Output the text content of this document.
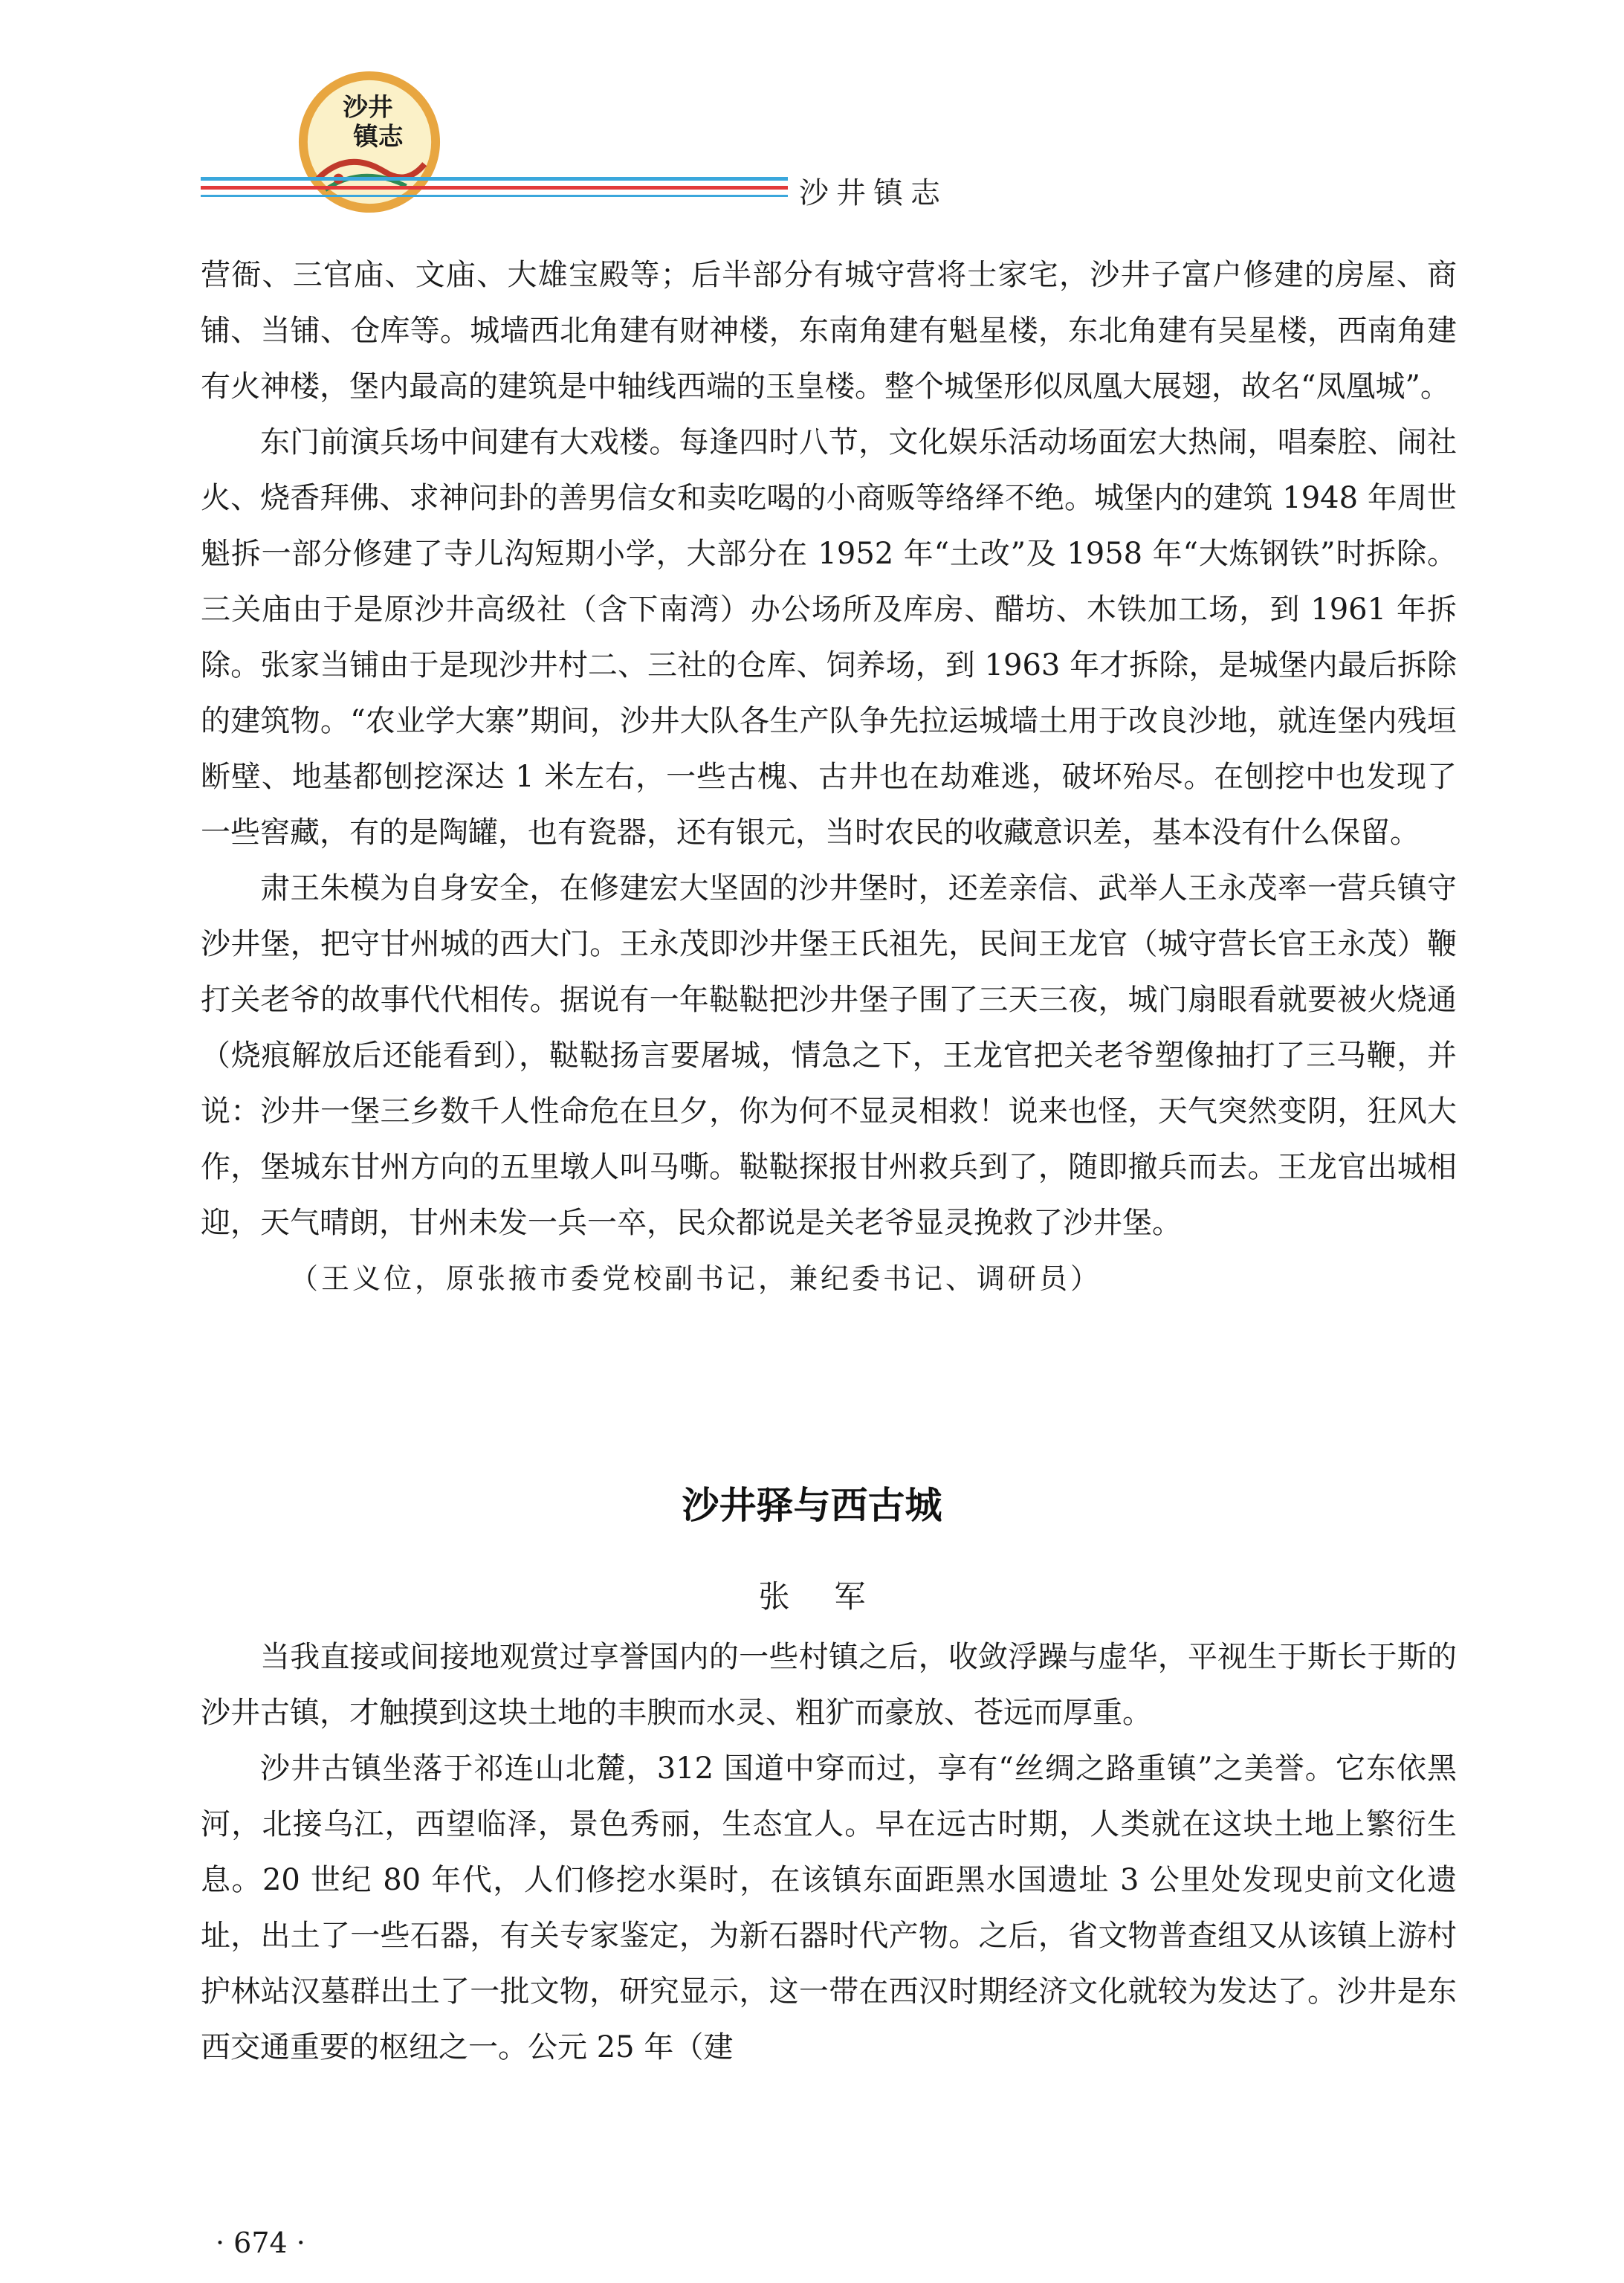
沙井
镇志
沙井镇志

营衙、三官庙、文庙、大雄宝殿等；后半部分有城守营将士家宅，沙井子富户修建的房屋、商铺、当铺、仓库等。城墙西北角建有财神楼，东南角建有魁星楼，东北角建有吴星楼，西南角建有火神楼，堡内最高的建筑是中轴线西端的玉皇楼。整个城堡形似凤凰大展翅，故名“凤凰城”。

东门前演兵场中间建有大戏楼。每逢四时八节，文化娱乐活动场面宏大热闹，唱秦腔、闹社火、烧香拜佛、求神问卦的善男信女和卖吃喝的小商贩等络绎不绝。城堡内的建筑 1948 年周世魁拆一部分修建了寺儿沟短期小学，大部分在 1952 年“土改”及 1958 年“大炼钢铁”时拆除。三关庙由于是原沙井高级社（含下南湾）办公场所及库房、醋坊、木铁加工场，到 1961 年拆除。张家当铺由于是现沙井村二、三社的仓库、饲养场，到 1963 年才拆除，是城堡内最后拆除的建筑物。“农业学大寨”期间，沙井大队各生产队争先拉运城墙土用于改良沙地，就连堡内残垣断壁、地基都刨挖深达 1 米左右，一些古槐、古井也在劫难逃，破坏殆尽。在刨挖中也发现了一些窖藏，有的是陶罐，也有瓷器，还有银元，当时农民的收藏意识差，基本没有什么保留。

肃王朱模为自身安全，在修建宏大坚固的沙井堡时，还差亲信、武举人王永茂率一营兵镇守沙井堡，把守甘州城的西大门。王永茂即沙井堡王氏祖先，民间王龙官（城守营长官王永茂）鞭打关老爷的故事代代相传。据说有一年鞑鞑把沙井堡子围了三天三夜，城门扇眼看就要被火烧通（烧痕解放后还能看到），鞑鞑扬言要屠城，情急之下，王龙官把关老爷塑像抽打了三马鞭，并说：沙井一堡三乡数千人性命危在旦夕，你为何不显灵相救！说来也怪，天气突然变阴，狂风大作，堡城东甘州方向的五里墩人叫马嘶。鞑鞑探报甘州救兵到了，随即撤兵而去。王龙官出城相迎，天气晴朗，甘州未发一兵一卒，民众都说是关老爷显灵挽救了沙井堡。

（王义位，原张掖市委党校副书记，兼纪委书记、调研员）

沙井驿与西古城
张军

当我直接或间接地观赏过享誉国内的一些村镇之后，收敛浮躁与虚华，平视生于斯长于斯的沙井古镇，才触摸到这块土地的丰腴而水灵、粗犷而豪放、苍远而厚重。

沙井古镇坐落于祁连山北麓，312 国道中穿而过，享有“丝绸之路重镇”之美誉。它东依黑河，北接乌江，西望临泽，景色秀丽，生态宜人。早在远古时期，人类就在这块土地上繁衍生息。20 世纪 80 年代，人们修挖水渠时，在该镇东面距黑水国遗址 3 公里处发现史前文化遗址，出土了一些石器，有关专家鉴定，为新石器时代产物。之后，省文物普查组又从该镇上游村护林站汉墓群出土了一批文物，研究显示，这一带在西汉时期经济文化就较为发达了。沙井是东西交通重要的枢纽之一。公元 25 年（建

· 674 ·
